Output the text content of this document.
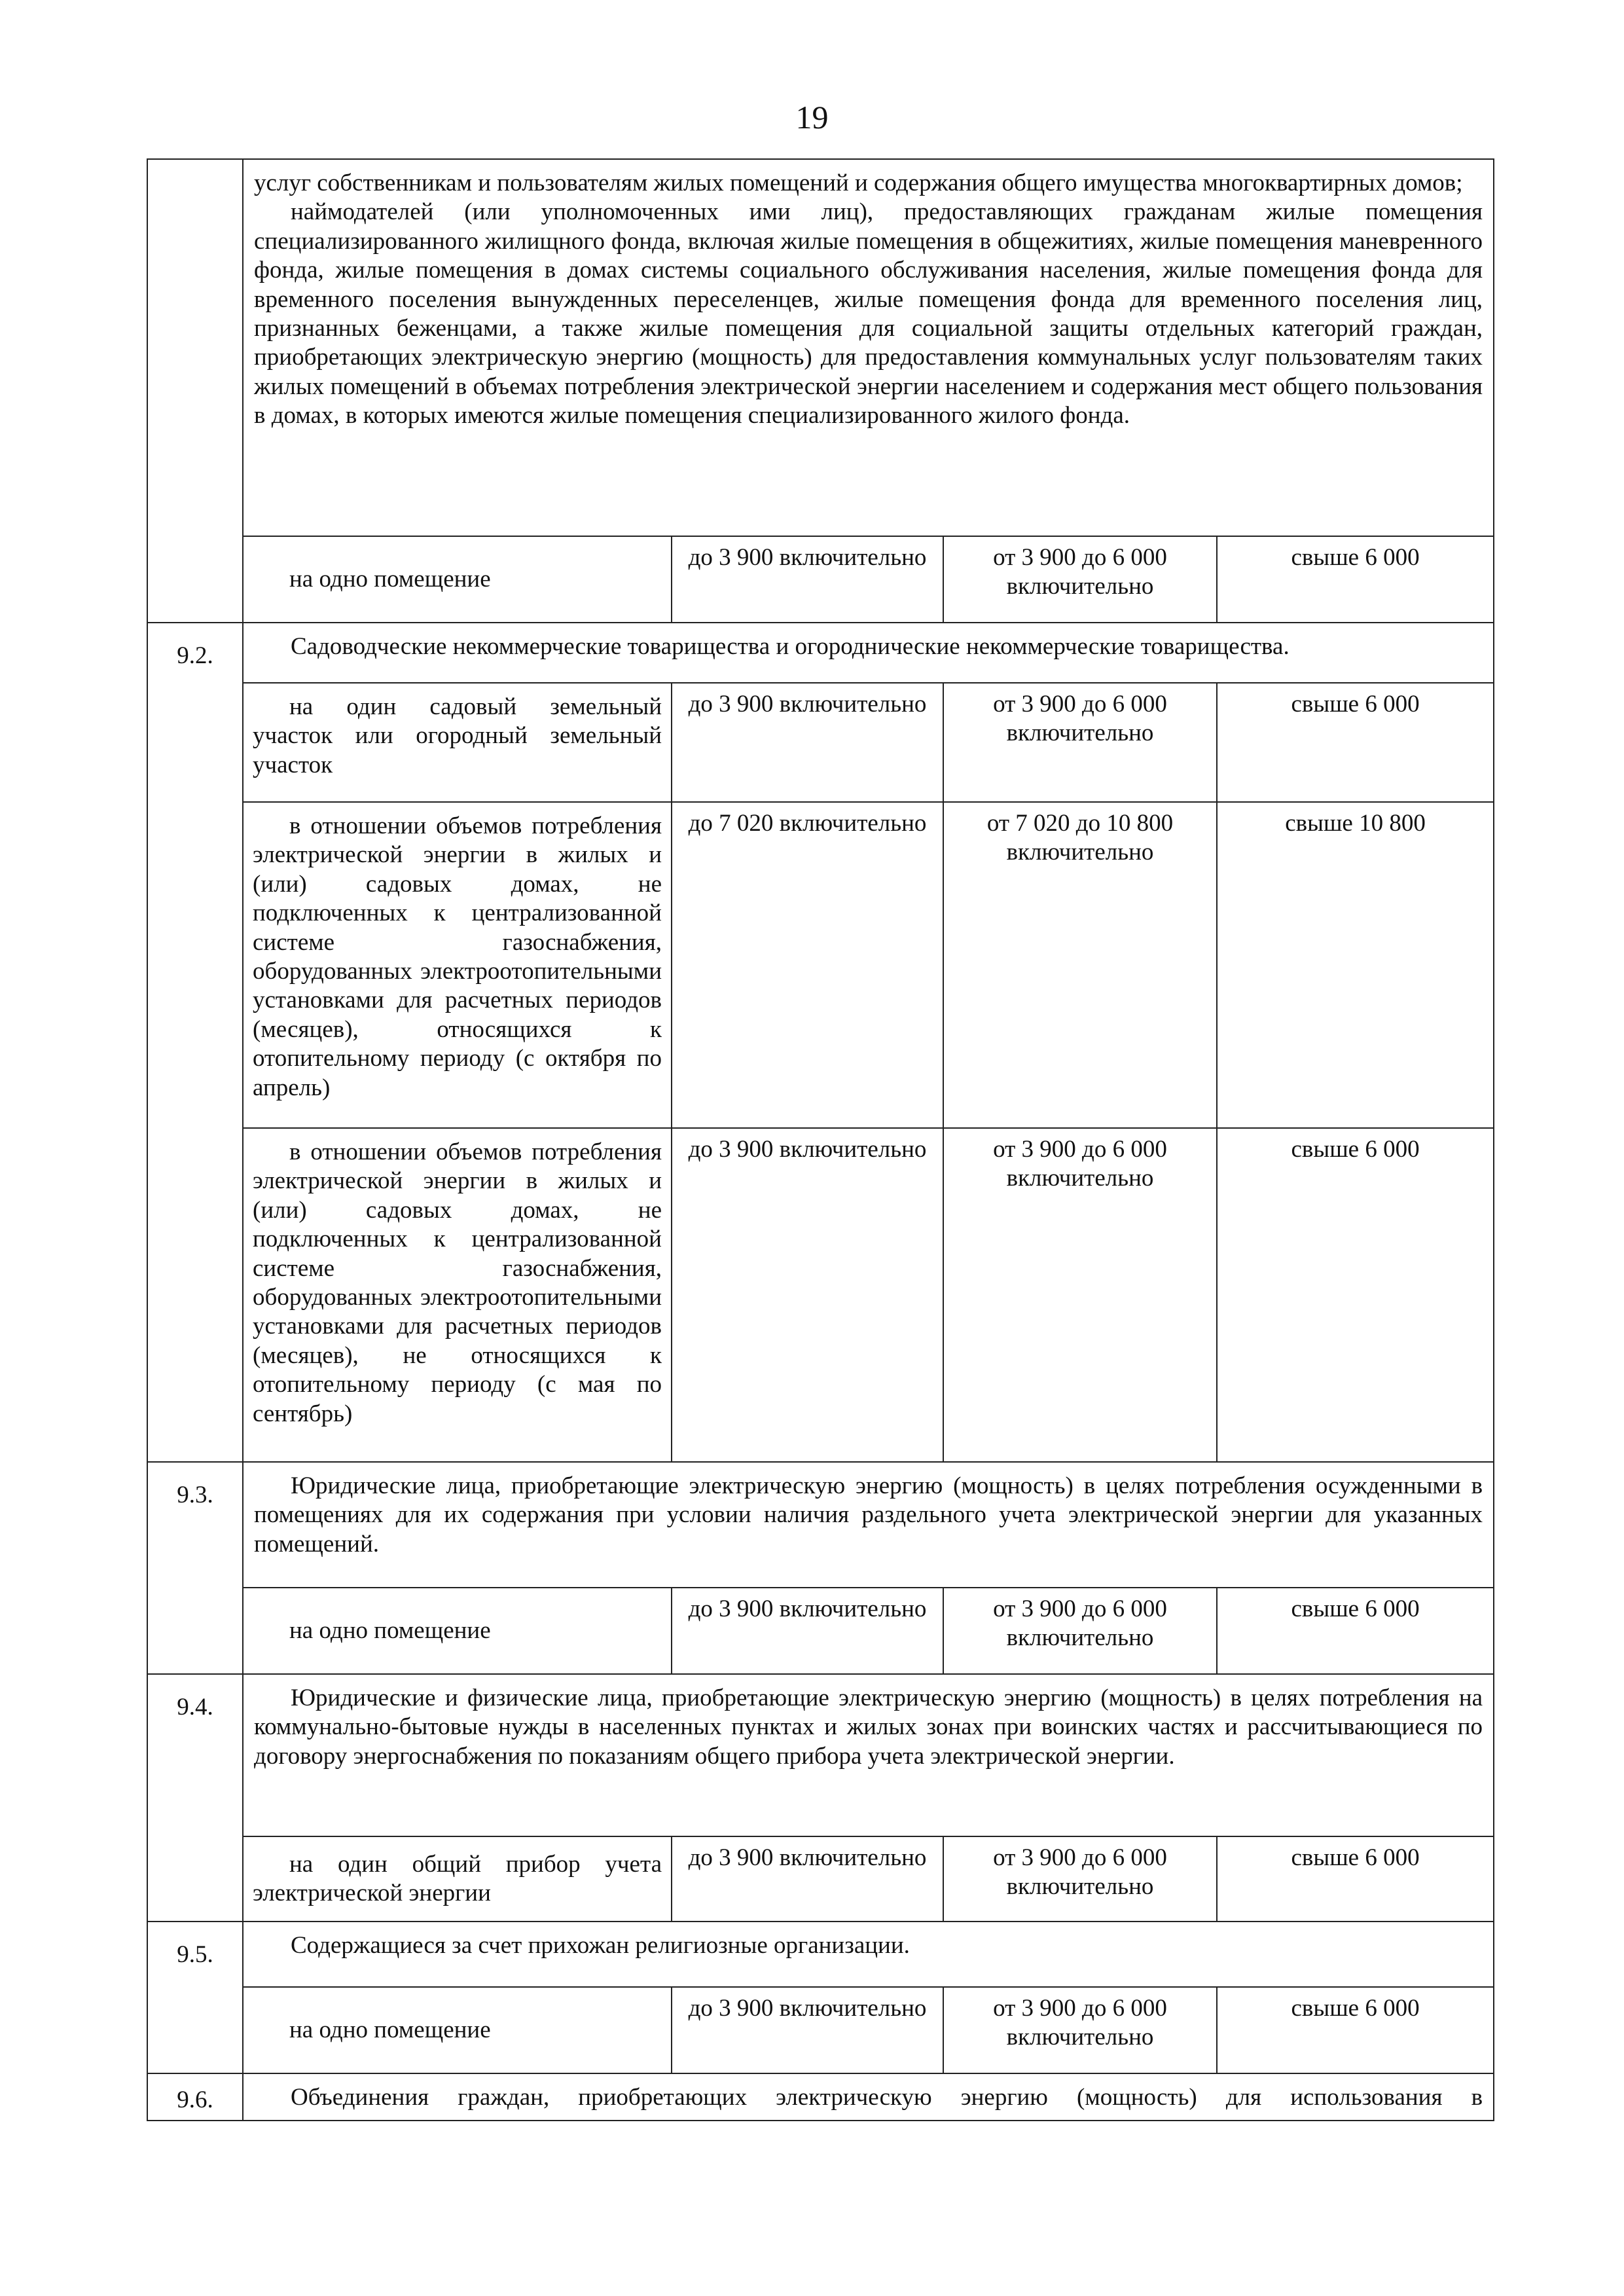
19

	услуг собственникам и пользователям жилых помещений и содержания общего имущества многоквартирных домов;

наймодателей (или уполномоченных ими лиц), предоставляющих гражданам жилые помещения специализированного жилищного фонда, включая жилые помещения в общежитиях, жилые помещения маневренного фонда, жилые помещения в домах системы социального обслуживания населения, жилые помещения фонда для временного поселения вынужденных переселенцев, жилые помещения фонда для временного поселения лиц, признанных беженцами, а также жилые помещения для социальной защиты отдельных категорий граждан, приобретающих электрическую энергию (мощность) для предоставления коммунальных услуг пользователям таких жилых помещений в объемах потребления электрической энергии населением и содержания мест общего пользования в домах, в которых имеются жилые помещения специализированного жилого фонда.			

	на одно помещение	до 3 900 включительно	от 3 900 до 6 000 включительно	свыше 6 000
9.2.	Садоводческие некоммерческие товарищества и огороднические некоммерческие товарищества.			

	на один садовый земельный участок или огородный земельный участок	до 3 900 включительно	от 3 900 до 6 000 включительно	свыше 6 000
	в отношении объемов потребления электрической энергии в жилых и (или) садовых домах, не подключенных к централизованной системе газоснабжения, оборудованных электроотопительными установками для расчетных периодов (месяцев), относящихся к отопительному периоду (с октября по апрель)	до 7 020 включительно	от 7 020 до 10 800 включительно	свыше 10 800
	в отношении объемов потребления электрической энергии в жилых и (или) садовых домах, не подключенных к централизованной системе газоснабжения, оборудованных электроотопительными установками для расчетных периодов (месяцев), не относящихся к отопительному периоду (с мая по сентябрь)	до 3 900 включительно	от 3 900 до 6 000 включительно	свыше 6 000
9.3.	Юридические лица, приобретающие электрическую энергию (мощность) в целях потребления осужденными в помещениях для их содержания при условии наличия раздельного учета электрической энергии для указанных помещений.			

	на одно помещение	до 3 900 включительно	от 3 900 до 6 000 включительно	свыше 6 000
9.4.	Юридические и физические лица, приобретающие электрическую энергию (мощность) в целях потребления на коммунально-бытовые нужды в населенных пунктах и жилых зонах при воинских частях и рассчитывающиеся по договору энергоснабжения по показаниям общего прибора учета электрической энергии.			

	на один общий прибор учета электрической энергии	до 3 900 включительно	от 3 900 до 6 000 включительно	свыше 6 000
9.5.	Содержащиеся за счет прихожан религиозные организации.			

	на одно помещение	до 3 900 включительно	от 3 900 до 6 000 включительно	свыше 6 000
9.6.	Объединения граждан, приобретающих электрическую энергию (мощность) для использования в			
